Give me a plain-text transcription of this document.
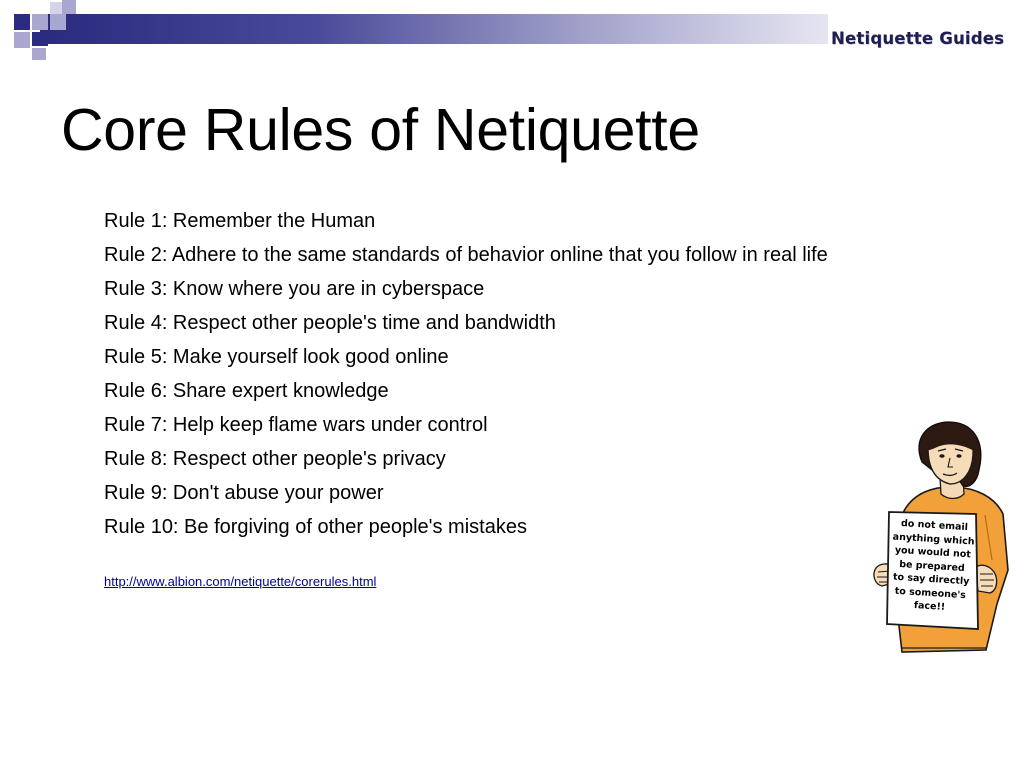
Netiquette Guides
Core Rules of Netiquette
Rule 1: Remember the Human
Rule 2: Adhere to the same standards of behavior online that you follow in real life
Rule 3: Know where you are in cyberspace
Rule 4: Respect other people's time and bandwidth
Rule 5: Make yourself look good online
Rule 6: Share expert knowledge
Rule 7: Help keep flame wars under control
Rule 8: Respect other people's privacy
Rule 9: Don't abuse your power
Rule 10: Be forgiving of other people's mistakes
http://www.albion.com/netiquette/corerules.html
do not email
anything which
you would not
be prepared
to say directly
to someone's
face!!
